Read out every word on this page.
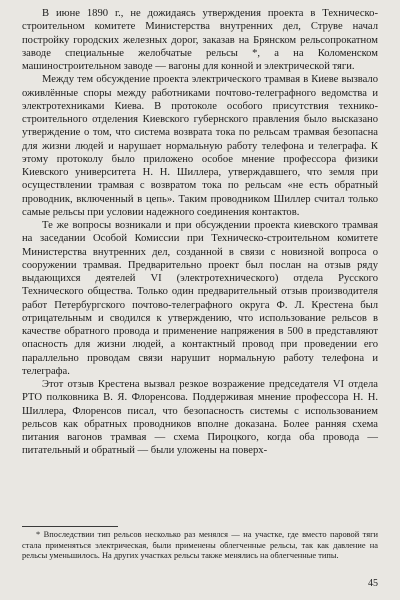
В июне 1890 г., не дожидаясь утверждения проекта в Техническо-строительном комитете Министерства внутренних дел, Струве начал постройку городских железных дорог, заказав на Брянском рельсопрокатном заводе специальные желобчатые рельсы *, а на Коломенском машиностроительном заводе — вагоны для конной и электрической тяги.

Между тем обсуждение проекта электрического трамвая в Киеве вызвало оживлённые споры между работниками почтово-телеграфного ведомства и электротехниками Киева. В протоколе особого присутствия технико-строительного отделения Киевского губернского правления было высказано утверждение о том, что система возврата тока по рельсам трамвая безопасна для жизни людей и нарушает нормальную работу телефона и телеграфа. К этому протоколу было приложено особое мнение профессора физики Киевского университета Н. Н. Шиллера, утверждавшего, что земля при осуществлении трамвая с возвратом тока по рельсам «не есть обратный проводник, включенный в цепь». Таким проводником Шиллер считал только самые рельсы при условии надежного соединения контактов.

Те же вопросы возникали и при обсуждении проекта киевского трамвая на заседании Особой Комиссии при Техническо-строительном комитете Министерства внутренних дел, созданной в связи с новизной вопроса о сооружении трамвая. Предварительно проект был послан на отзыв ряду выдающихся деятелей VI (электротехнического) отдела Русского Технического общества. Только один предварительный отзыв производителя работ Петербургского почтово-телеграфного округа Ф. Л. Крестена был отрицательным и сводился к утверждению, что использование рельсов в качестве обратного провода и применение напряжения в 500 в представляют опасность для жизни людей, а контактный провод при проведении его параллельно проводам связи нарушит нормальную работу телефона и телеграфа.

Этот отзыв Крестена вызвал резкое возражение председателя VI отдела РТО полковника В. Я. Флоренсова. Поддерживая мнение профессора Н. Н. Шиллера, Флоренсов писал, что безопасность системы с использованием рельсов как обратных проводников вполне доказана. Более ранняя схема питания вагонов трамвая — схема Пироцкого, когда оба провода — питательный и обратный — были уложены на поверх-

* Впоследствии тип рельсов несколько раз менялся — на участке, где вместо паровой тяги стала применяться электрическая, были применены облегченные рельсы, так как давление на рельсы уменьшилось. На других участках рельсы также менялись на облегченные типы.

45
